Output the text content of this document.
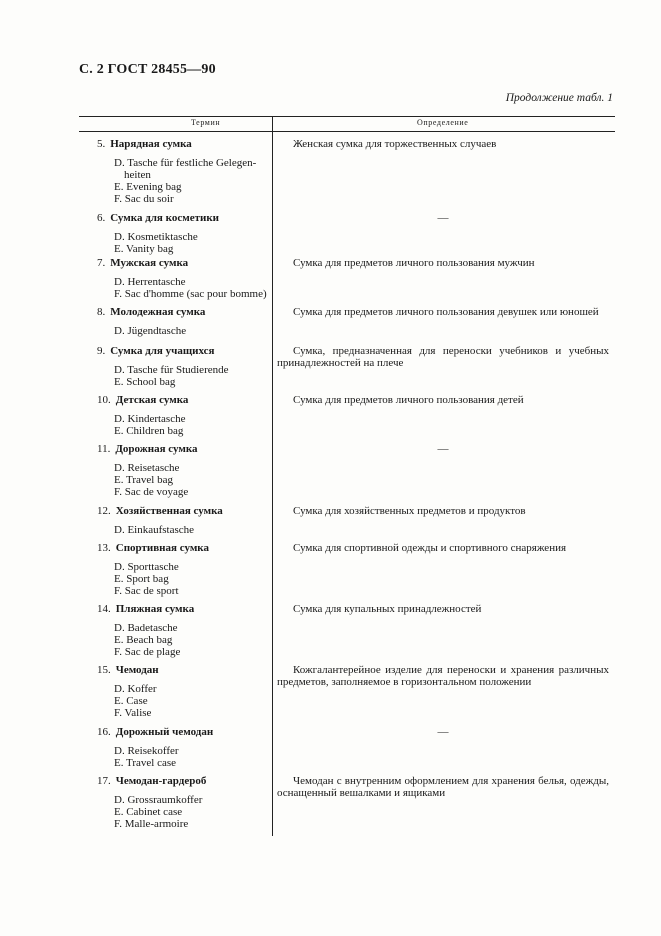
С. 2 ГОСТ 28455—90
Продолжение табл. 1
Термин	Определение
5. Нарядная сумка
D. Tasche für festliche Gelegen-heiten
E. Evening bag
F. Sac du soir
Женская сумка для торжественных случаев
6. Сумка для косметики
D. Kosmetiktasche
E. Vanity bag
—
7. Мужская сумка
D. Herrentasche
F. Sac d'homme (sac pour bomme)
Сумка для предметов личного пользования мужчин
8. Молодежная сумка
D. Jügendtasche
Сумка для предметов личного пользования девушек или юношей
9. Сумка для учащихся
D. Tasche für Studierende
E. School bag
Сумка, предназначенная для переноски учебников и учебных принадлежностей на плече
10. Детская сумка
D. Kindertasche
E. Children bag
Сумка для предметов личного пользования детей
11. Дорожная сумка
D. Reisetasche
E. Travel bag
F. Sac de voyage
—
12. Хозяйственная сумка
D. Einkaufstasche
Сумка для хозяйственных предметов и продуктов
13. Спортивная сумка
D. Sporttasche
E. Sport bag
F. Sac de sport
Сумка для спортивной одежды и спортивного снаряжения
14. Пляжная сумка
D. Badetasche
E. Beach bag
F. Sac de plage
Сумка для купальных принадлежностей
15. Чемодан
D. Koffer
E. Case
F. Valise
Кожгалантерейное изделие для переноски и хранения различных предметов, заполняемое в горизонтальном положении
16. Дорожный чемодан
D. Reisekoffer
E. Travel case
—
17. Чемодан-гардероб
D. Grossraumkoffer
E. Cabinet case
F. Malle-armoire
Чемодан с внутренним оформлением для хранения белья, одежды, оснащенный вешалками и ящиками
